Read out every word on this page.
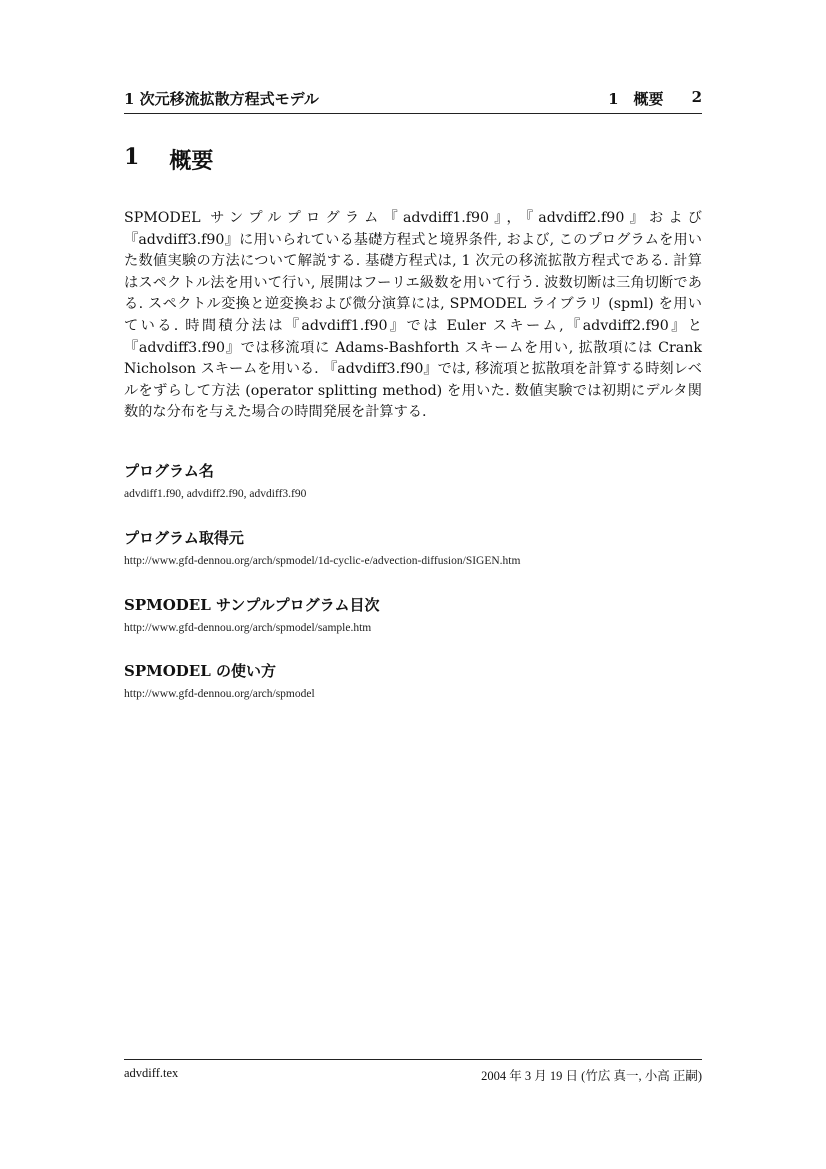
1 次元移流拡散方程式モデル	1　概要 2
1 概要

SPMODEL サンプルプログラム『advdiff1.f90』，『advdiff2.f90』および『advdiff3.f90』に用いられている基礎方程式と境界条件, および, このプログラムを用いた数値実験の方法について解説する. 基礎方程式は, 1 次元の移流拡散方程式である. 計算はスペクトル法を用いて行い, 展開はフーリエ級数を用いて行う. 波数切断は三角切断である. スペクトル変換と逆変換および微分演算には, SPMODEL ライブラリ (spml) を用いている. 時間積分法は『advdiff1.f90』では Euler スキーム,『advdiff2.f90』と『advdiff3.f90』では移流項に Adams-Bashforth スキームを用い, 拡散項には Crank Nicholson スキームを用いる. 『advdiff3.f90』では, 移流項と拡散項を計算する時刻レベルをずらして方法 (operator splitting method) を用いた. 数値実験では初期にデルタ関数的な分布を与えた場合の時間発展を計算する.

プログラム名
advdiff1.f90, advdiff2.f90, advdiff3.f90
プログラム取得元
http://www.gfd-dennou.org/arch/spmodel/1d-cyclic-e/advection-diffusion/SIGEN.htm
SPMODEL サンプルプログラム目次
http://www.gfd-dennou.org/arch/spmodel/sample.htm
SPMODEL の使い方
http://www.gfd-dennou.org/arch/spmodel
advdiff.tex	2004 年 3 月 19 日 (竹広 真一, 小高 正嗣)
